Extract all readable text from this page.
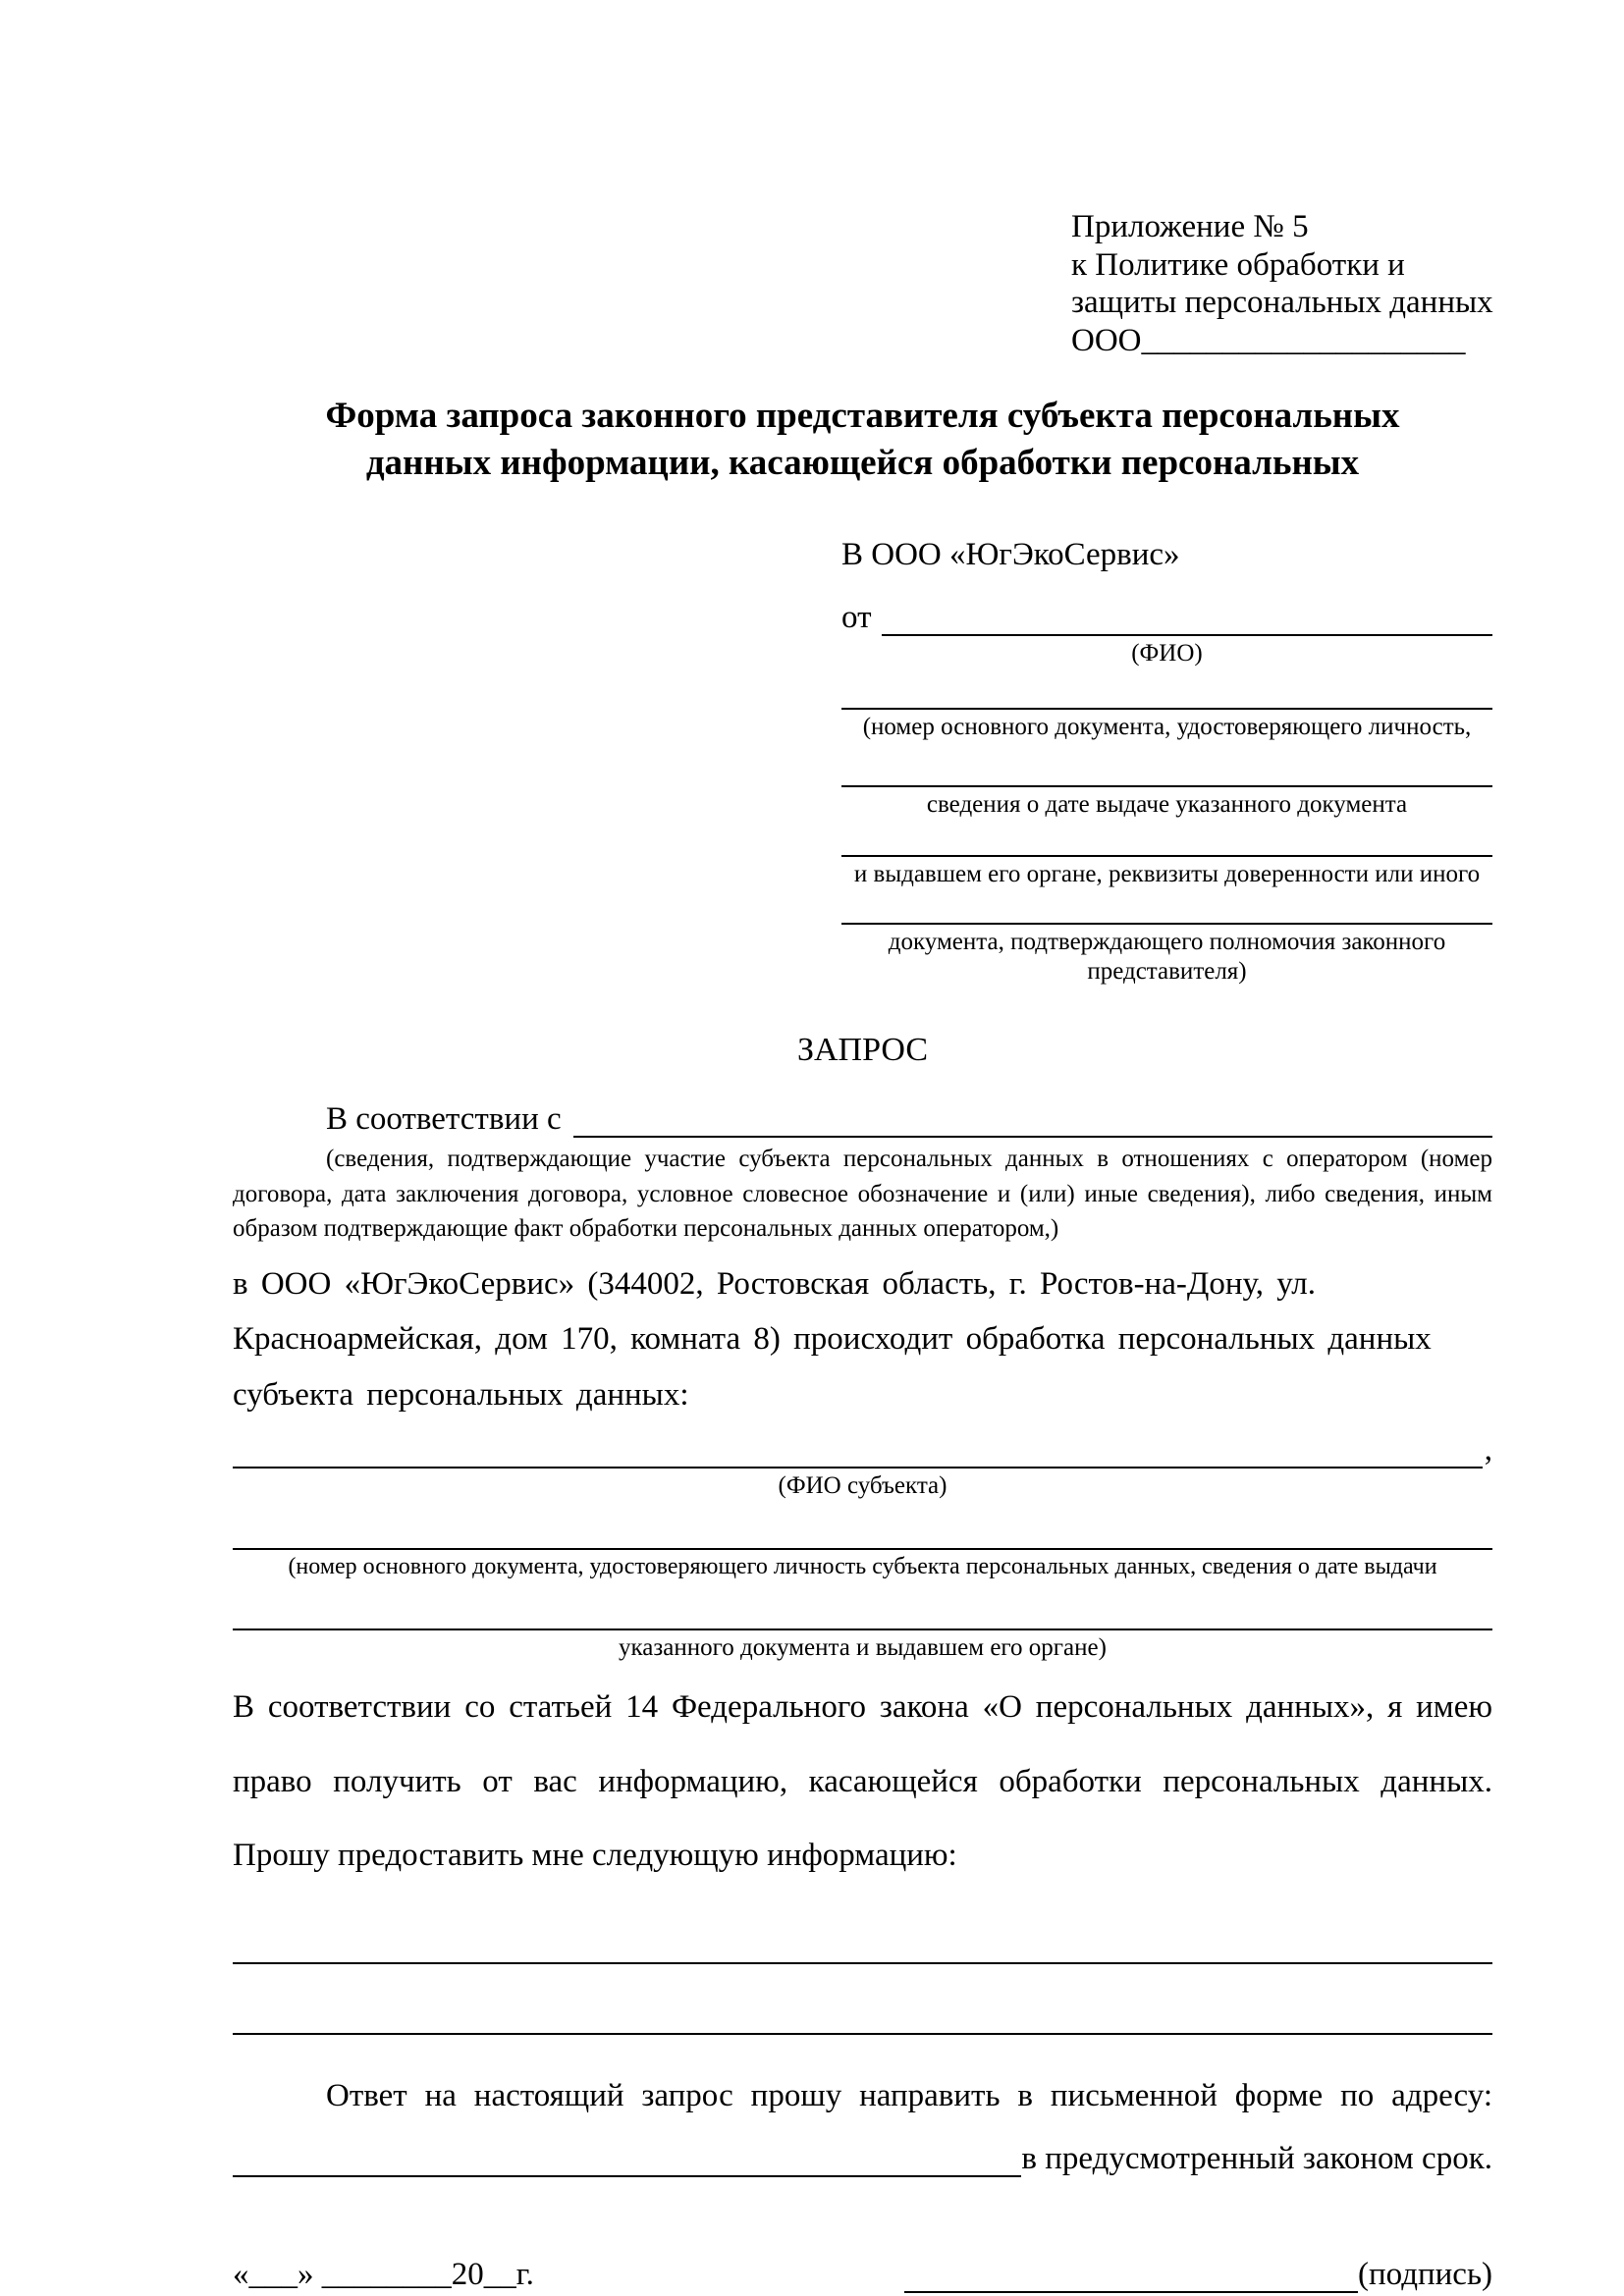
Приложение № 5
к Политике обработки и
защиты персональных данных
ООО____________________
Форма запроса законного представителя субъекта персональных
данных информации, касающейся обработки персональных
В ООО «ЮгЭкоСервис»
от
(ФИО)
(номер основного документа, удостоверяющего личность,
сведения о дате выдаче указанного документа
и выдавшем его органе, реквизиты доверенности или иного
документа, подтверждающего полномочия законного представителя)
ЗАПРОС
В соответствии с
(сведения, подтверждающие участие субъекта персональных данных в отношениях с оператором (номер договора, дата заключения договора, условное словесное обозначение и (или) иные сведения), либо сведения, иным образом подтверждающие факт обработки персональных данных оператором,)
в ООО «ЮгЭкоСервис» (344002, Ростовская область, г. Ростов-на-Дону, ул. Красноармейская, дом 170, комната 8) происходит обработка персональных данных субъекта персональных данных:
,
(ФИО субъекта)
(номер основного документа, удостоверяющего личность субъекта персональных данных, сведения о дате выдачи
указанного документа и выдавшем его органе)
В соответствии со статьей 14 Федерального закона «О персональных данных», я имею право получить от вас информацию, касающейся обработки персональных данных. Прошу предоставить мне следующую информацию:
Ответ на настоящий запрос прошу направить в письменной форме по адресу:
в предусмотренный законом срок.
«___» ________20__г.	(подпись)
